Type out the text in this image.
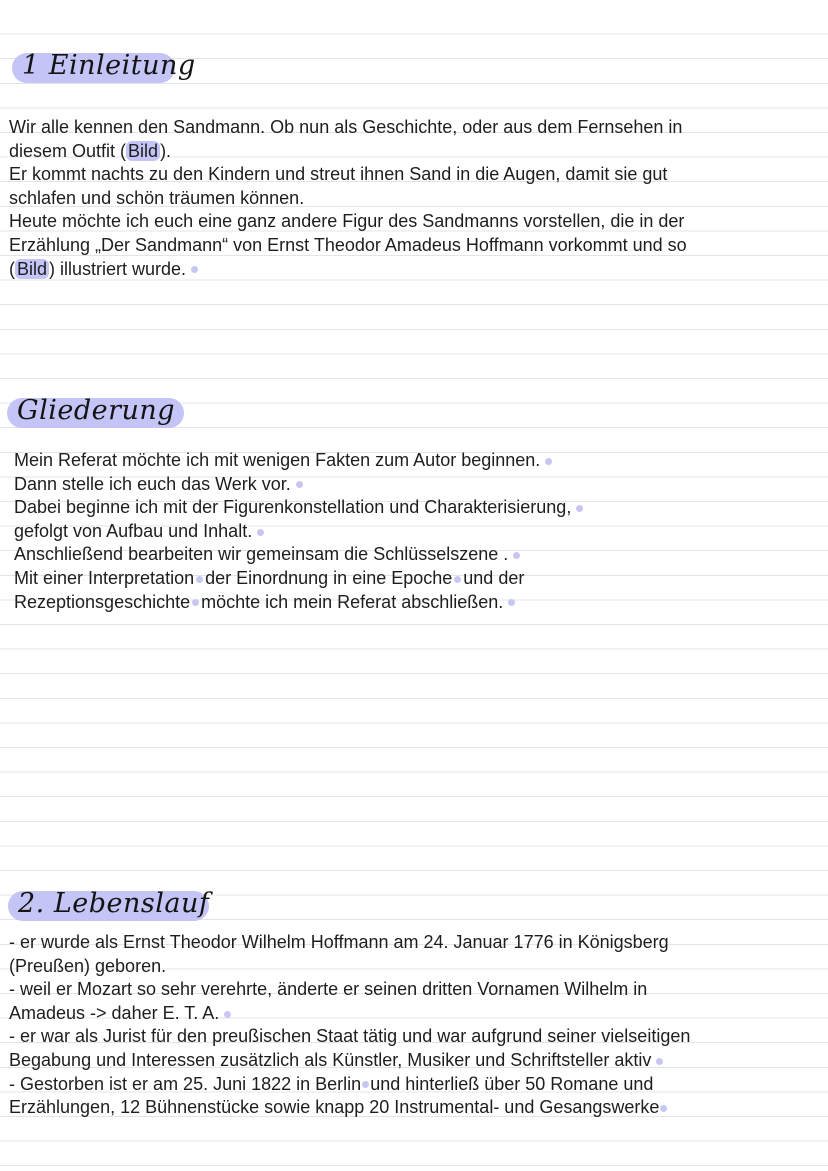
1 Einleitung
Wir alle kennen den Sandmann. Ob nun als Geschichte, oder aus dem Fernsehen in
diesem Outfit ( Bild ).
Er kommt nachts zu den Kindern und streut ihnen Sand in die Augen, damit sie gut
schlafen und schön träumen können.
Heute möchte ich euch eine ganz andere Figur des Sandmanns vorstellen, die in der
Erzählung „Der Sandmann“ von Ernst Theodor Amadeus Hoffmann vorkommt und so
( Bild ) illustriert wurde.
Gliederung
Mein Referat möchte ich mit wenigen Fakten zum Autor beginnen.
Dann stelle ich euch das Werk vor.
Dabei beginne ich mit der Figurenkonstellation und Charakterisierung,
gefolgt von Aufbau und Inhalt.
Anschließend bearbeiten wir gemeinsam die Schlüsselszene .
Mit einer Interpretation der Einordnung in eine Epoche und der
Rezeptionsgeschichte möchte ich mein Referat abschließen.
2. Lebenslauf
- er wurde als Ernst Theodor Wilhelm Hoffmann am 24. Januar 1776 in Königsberg
(Preußen) geboren.
- weil er Mozart so sehr verehrte, änderte er seinen dritten Vornamen Wilhelm in
Amadeus -> daher E. T. A.
- er war als Jurist für den preußischen Staat tätig und war aufgrund seiner vielseitigen
Begabung und Interessen zusätzlich als Künstler, Musiker und Schriftsteller aktiv
- Gestorben ist er am 25. Juni 1822 in Berlin und hinterließ über 50 Romane und
Erzählungen, 12 Bühnenstücke sowie knapp 20 Instrumental- und Gesangswerke
